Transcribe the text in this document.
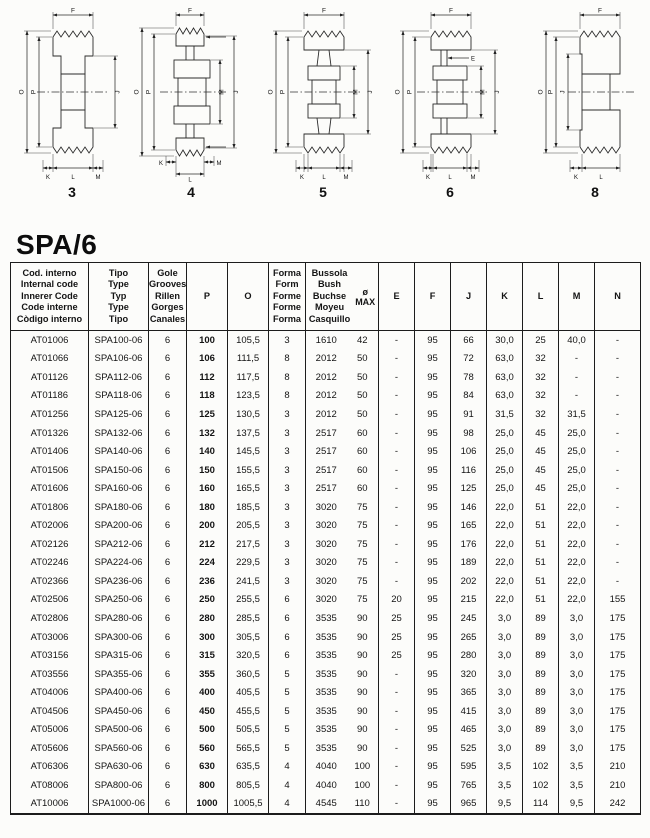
F
O P	J
K	L	M
3
F
O P	M J
K	M
L
4
F
O P	M J
K	L	M
5
E
F
O P	M J
K	L	M
6
F
O P J
K	L
8
SPA/6
Cod. interno
Internal code
Innerer Code
Code interne
Còdigo interno

Tipo
Type
Typ
Type
Tipo

Gole
Grooves
Rillen
Gorges
Canales
	P	O	
Forma
Form
Forme
Forme
Forma

Bussola
Bush
Buchse
Moyeu
Casquillo
ø
MAX
	E	F	J	K	L	M	N
AT01006	SPA100-06	6	100	105,5	3	1610	42	-	95	66	30,0	25	40,0	-
AT01066	SPA106-06	6	106	111,5	8	2012	50	-	95	72	63,0	32	-	-
AT01126	SPA112-06	6	112	117,5	8	2012	50	-	95	78	63,0	32	-	-
AT01186	SPA118-06	6	118	123,5	8	2012	50	-	95	84	63,0	32	-	-
AT01256	SPA125-06	6	125	130,5	3	2012	50	-	95	91	31,5	32	31,5	-
AT01326	SPA132-06	6	132	137,5	3	2517	60	-	95	98	25,0	45	25,0	-
AT01406	SPA140-06	6	140	145,5	3	2517	60	-	95	106	25,0	45	25,0	-
AT01506	SPA150-06	6	150	155,5	3	2517	60	-	95	116	25,0	45	25,0	-
AT01606	SPA160-06	6	160	165,5	3	2517	60	-	95	125	25,0	45	25,0	-
AT01806	SPA180-06	6	180	185,5	3	3020	75	-	95	146	22,0	51	22,0	-
AT02006	SPA200-06	6	200	205,5	3	3020	75	-	95	165	22,0	51	22,0	-
AT02126	SPA212-06	6	212	217,5	3	3020	75	-	95	176	22,0	51	22,0	-
AT02246	SPA224-06	6	224	229,5	3	3020	75	-	95	189	22,0	51	22,0	-
AT02366	SPA236-06	6	236	241,5	3	3020	75	-	95	202	22,0	51	22,0	-
AT02506	SPA250-06	6	250	255,5	6	3020	75	20	95	215	22,0	51	22,0	155
AT02806	SPA280-06	6	280	285,5	6	3535	90	25	95	245	3,0	89	3,0	175
AT03006	SPA300-06	6	300	305,5	6	3535	90	25	95	265	3,0	89	3,0	175
AT03156	SPA315-06	6	315	320,5	6	3535	90	25	95	280	3,0	89	3,0	175
AT03556	SPA355-06	6	355	360,5	5	3535	90	-	95	320	3,0	89	3,0	175
AT04006	SPA400-06	6	400	405,5	5	3535	90	-	95	365	3,0	89	3,0	175
AT04506	SPA450-06	6	450	455,5	5	3535	90	-	95	415	3,0	89	3,0	175
AT05006	SPA500-06	6	500	505,5	5	3535	90	-	95	465	3,0	89	3,0	175
AT05606	SPA560-06	6	560	565,5	5	3535	90	-	95	525	3,0	89	3,0	175
AT06306	SPA630-06	6	630	635,5	4	4040	100	-	95	595	3,5	102	3,5	210
AT08006	SPA800-06	6	800	805,5	4	4040	100	-	95	765	3,5	102	3,5	210
AT10006	SPA1000-06	6	1000	1005,5	4	4545	110	-	95	965	9,5	114	9,5	242
